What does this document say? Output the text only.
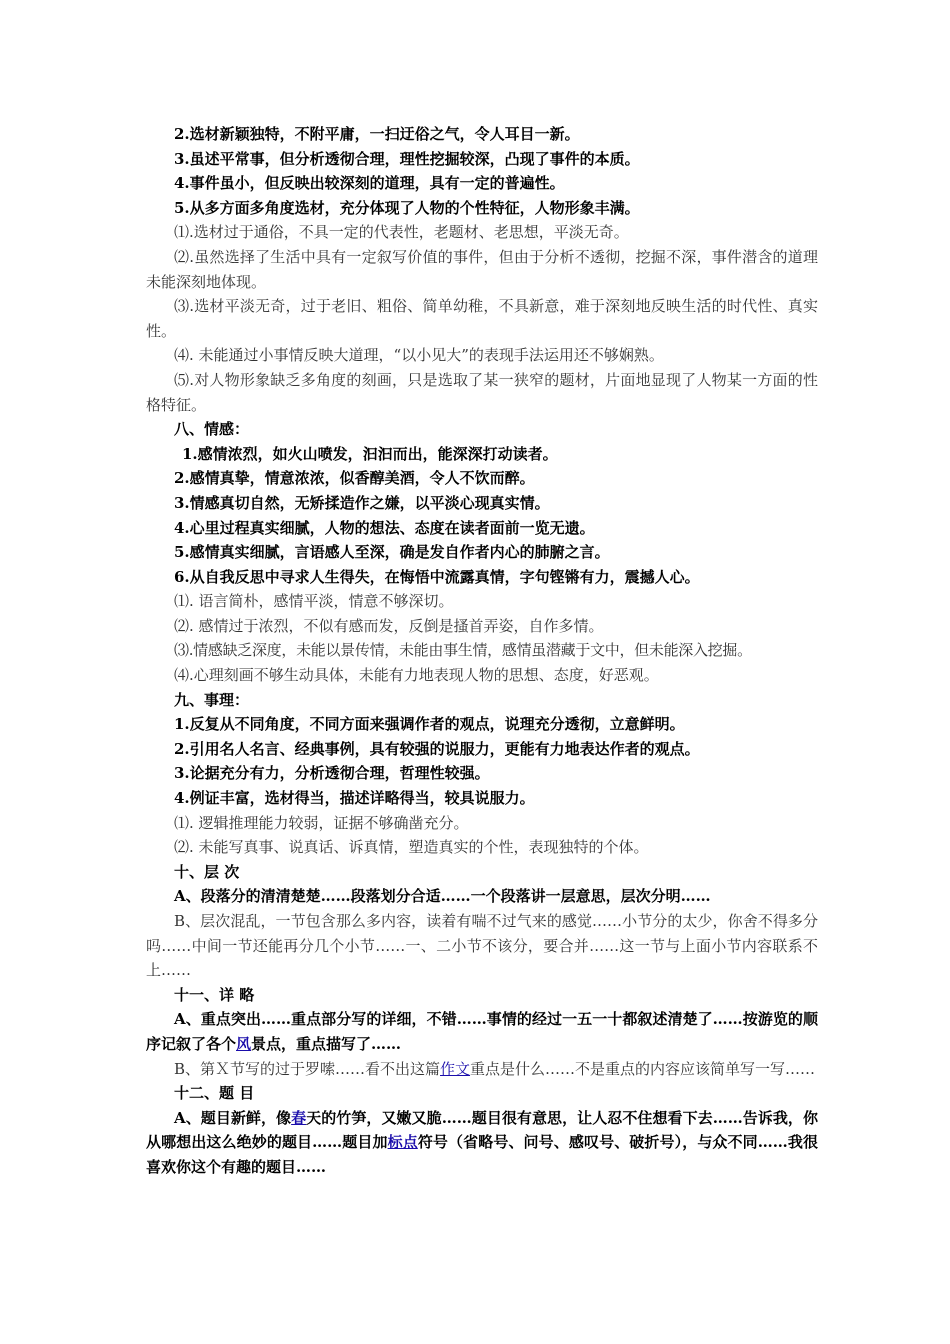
2.选材新颖独特，不附平庸，一扫迂俗之气，令人耳目一新。
3.虽述平常事，但分析透彻合理，理性挖掘较深，凸现了事件的本质。
4.事件虽小，但反映出较深刻的道理，具有一定的普遍性。
5.从多方面多角度选材，充分体现了人物的个性特征，人物形象丰满。
⑴.选材过于通俗，不具一定的代表性，老题材、老思想，平淡无奇。
⑵.虽然选择了生活中具有一定叙写价值的事件，但由于分析不透彻，挖掘不深，事件潜含的道理未能深刻地体现。
⑶.选材平淡无奇，过于老旧、粗俗、简单幼稚，不具新意，难于深刻地反映生活的时代性、真实性。
⑷. 未能通过小事情反映大道理，“以小见大”的表现手法运用还不够娴熟。
⑸.对人物形象缺乏多角度的刻画，只是选取了某一狭窄的题材，片面地显现了人物某一方面的性格特征。
八、情感：
1.感情浓烈，如火山喷发，汩汩而出，能深深打动读者。
2.感情真挚，情意浓浓，似香醇美酒，令人不饮而醉。
3.情感真切自然，无矫揉造作之嫌，以平淡心现真实情。
4.心里过程真实细腻，人物的想法、态度在读者面前一览无遗。
5.感情真实细腻，言语感人至深，确是发自作者内心的肺腑之言。
6.从自我反思中寻求人生得失，在悔悟中流露真情，字句铿锵有力，震撼人心。
⑴. 语言简朴，感情平淡，情意不够深切。
⑵. 感情过于浓烈，不似有感而发，反倒是搔首弄姿，自作多情。
⑶.情感缺乏深度，未能以景传情，未能由事生情，感情虽潜藏于文中，但未能深入挖掘。
⑷.心理刻画不够生动具体，未能有力地表现人物的思想、态度，好恶观。
九、事理：
1.反复从不同角度，不同方面来强调作者的观点，说理充分透彻，立意鲜明。
2.引用名人名言、经典事例，具有较强的说服力，更能有力地表达作者的观点。
3.论据充分有力，分析透彻合理，哲理性较强。
4.例证丰富，选材得当，描述详略得当，较具说服力。
⑴. 逻辑推理能力较弱，证据不够确凿充分。
⑵. 未能写真事、说真话、诉真情，塑造真实的个性，表现独特的个体。
十、层 次
A、段落分的清清楚楚……段落划分合适……一个段落讲一层意思，层次分明……
B、层次混乱，一节包含那么多内容，读着有喘不过气来的感觉……小节分的太少，你舍不得多分吗……中间一节还能再分几个小节……一、二小节不该分，要合并……这一节与上面小节内容联系不上……
十一、详 略
A、重点突出……重点部分写的详细，不错……事情的经过一五一十都叙述清楚了……按游览的顺序记叙了各个风景点，重点描写了……
B、第Ｘ节写的过于罗嗦……看不出这篇作文重点是什么……不是重点的内容应该简单写一写……
十二、题 目
A、题目新鲜，像春天的竹笋，又嫩又脆……题目很有意思，让人忍不住想看下去……告诉我，你从哪想出这么绝妙的题目……题目加标点符号（省略号、问号、感叹号、破折号），与众不同……我很喜欢你这个有趣的题目……
